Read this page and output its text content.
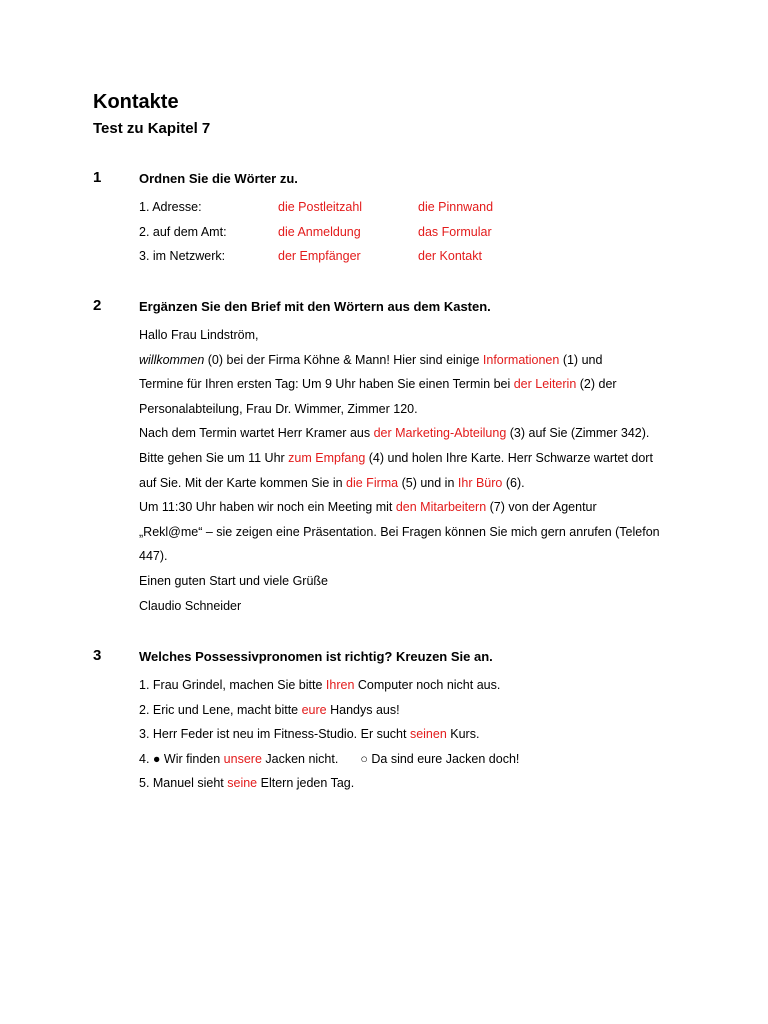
Kontakte
Test zu Kapitel 7
1	Ordnen Sie die Wörter zu.
1. Adresse:	die Postleitzahl	die Pinnwand
2. auf dem Amt:	die Anmeldung	das Formular
3. im Netzwerk:	der Empfänger	der Kontakt
2	Ergänzen Sie den Brief mit den Wörtern aus dem Kasten.

Hallo Frau Lindström,

willkommen (0) bei der Firma Köhne & Mann! Hier sind einige Informationen (1) und

Termine für Ihren ersten Tag: Um 9 Uhr haben Sie einen Termin bei der Leiterin (2) der

Personalabteilung, Frau Dr. Wimmer, Zimmer 120.

Nach dem Termin wartet Herr Kramer aus der Marketing-Abteilung (3) auf Sie (Zimmer 342).

Bitte gehen Sie um 11 Uhr zum Empfang (4) und holen Ihre Karte. Herr Schwarze wartet dort

auf Sie. Mit der Karte kommen Sie in die Firma (5) und in Ihr Büro (6).

Um 11:30 Uhr haben wir noch ein Meeting mit den Mitarbeitern (7) von der Agentur

„Rekl@me“ – sie zeigen eine Präsentation. Bei Fragen können Sie mich gern anrufen (Telefon

447).

Einen guten Start und viele Grüße

Claudio Schneider

3	Welches Possessivpronomen ist richtig? Kreuzen Sie an.

1. Frau Grindel, machen Sie bitte Ihren Computer noch nicht aus.

2. Eric und Lene, macht bitte eure Handys aus!

3. Herr Feder ist neu im Fitness-Studio. Er sucht seinen Kurs.

4. ● Wir finden unsere Jacken nicht. ○ Da sind eure Jacken doch!

5. Manuel sieht seine Eltern jeden Tag.
